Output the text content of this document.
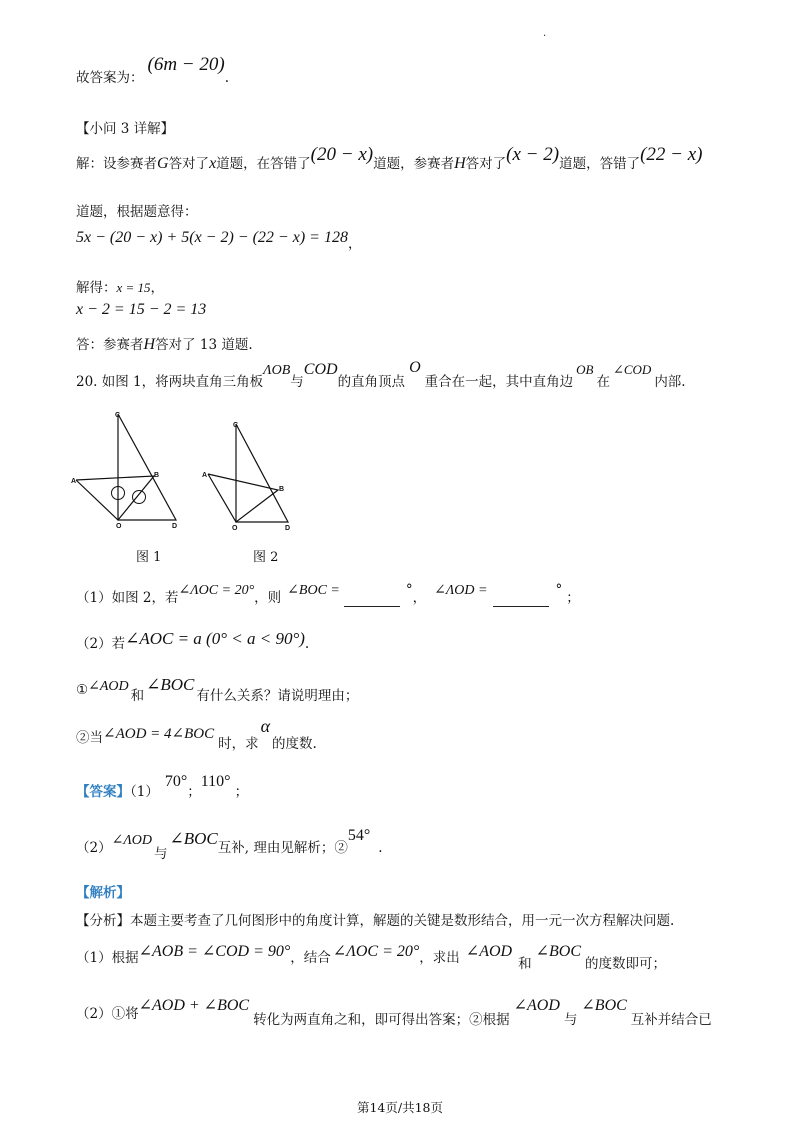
.
故答案为：(6m − 20).
【小问 3 详解】
解：设参赛者G答对了x道题，在答错了(20 − x)道题，参赛者H答对了(x − 2)道题，答错了(22 − x)
道题，根据题意得：
5x − (20 − x) + 5(x − 2) − (22 − x) = 128，
解得：x = 15，
x − 2 = 15 − 2 = 13
答：参赛者H答对了 13 道题.
20. 如图 1，将两块直角三角板ΛOB与COD的直角顶点O重合在一起，其中直角边OB在∠COD内部.
C
A
B
O	D
图 1
C
A
B
O	D
图 2
（1）如图 2，若∠ΛOC = 20°，则 ∠BOC =	°， ∠ΛOD =	° ；
（2）若∠AOC = a (0° < a < 90°).
①∠AOD和∠BOC有什么关系？请说明理由；
②当∠AOD = 4∠BOC时，求α的度数.
【答案】（1）70°；110°；
（2）∠ΛOD与∠BOC互补, 理由见解析；②54°.
【解析】
【分析】本题主要考查了几何图形中的角度计算，解题的关键是数形结合，用一元一次方程解决问题.
（1）根据∠AOB = ∠COD = 90°，结合 ∠ΛOC = 20°，求出 ∠AOD和∠BOC的度数即可；
（2）①将∠AOD + ∠BOC转化为两直角之和，即可得出答案；②根据∠AOD与∠BOC互补并结合已
第14页/共18页
